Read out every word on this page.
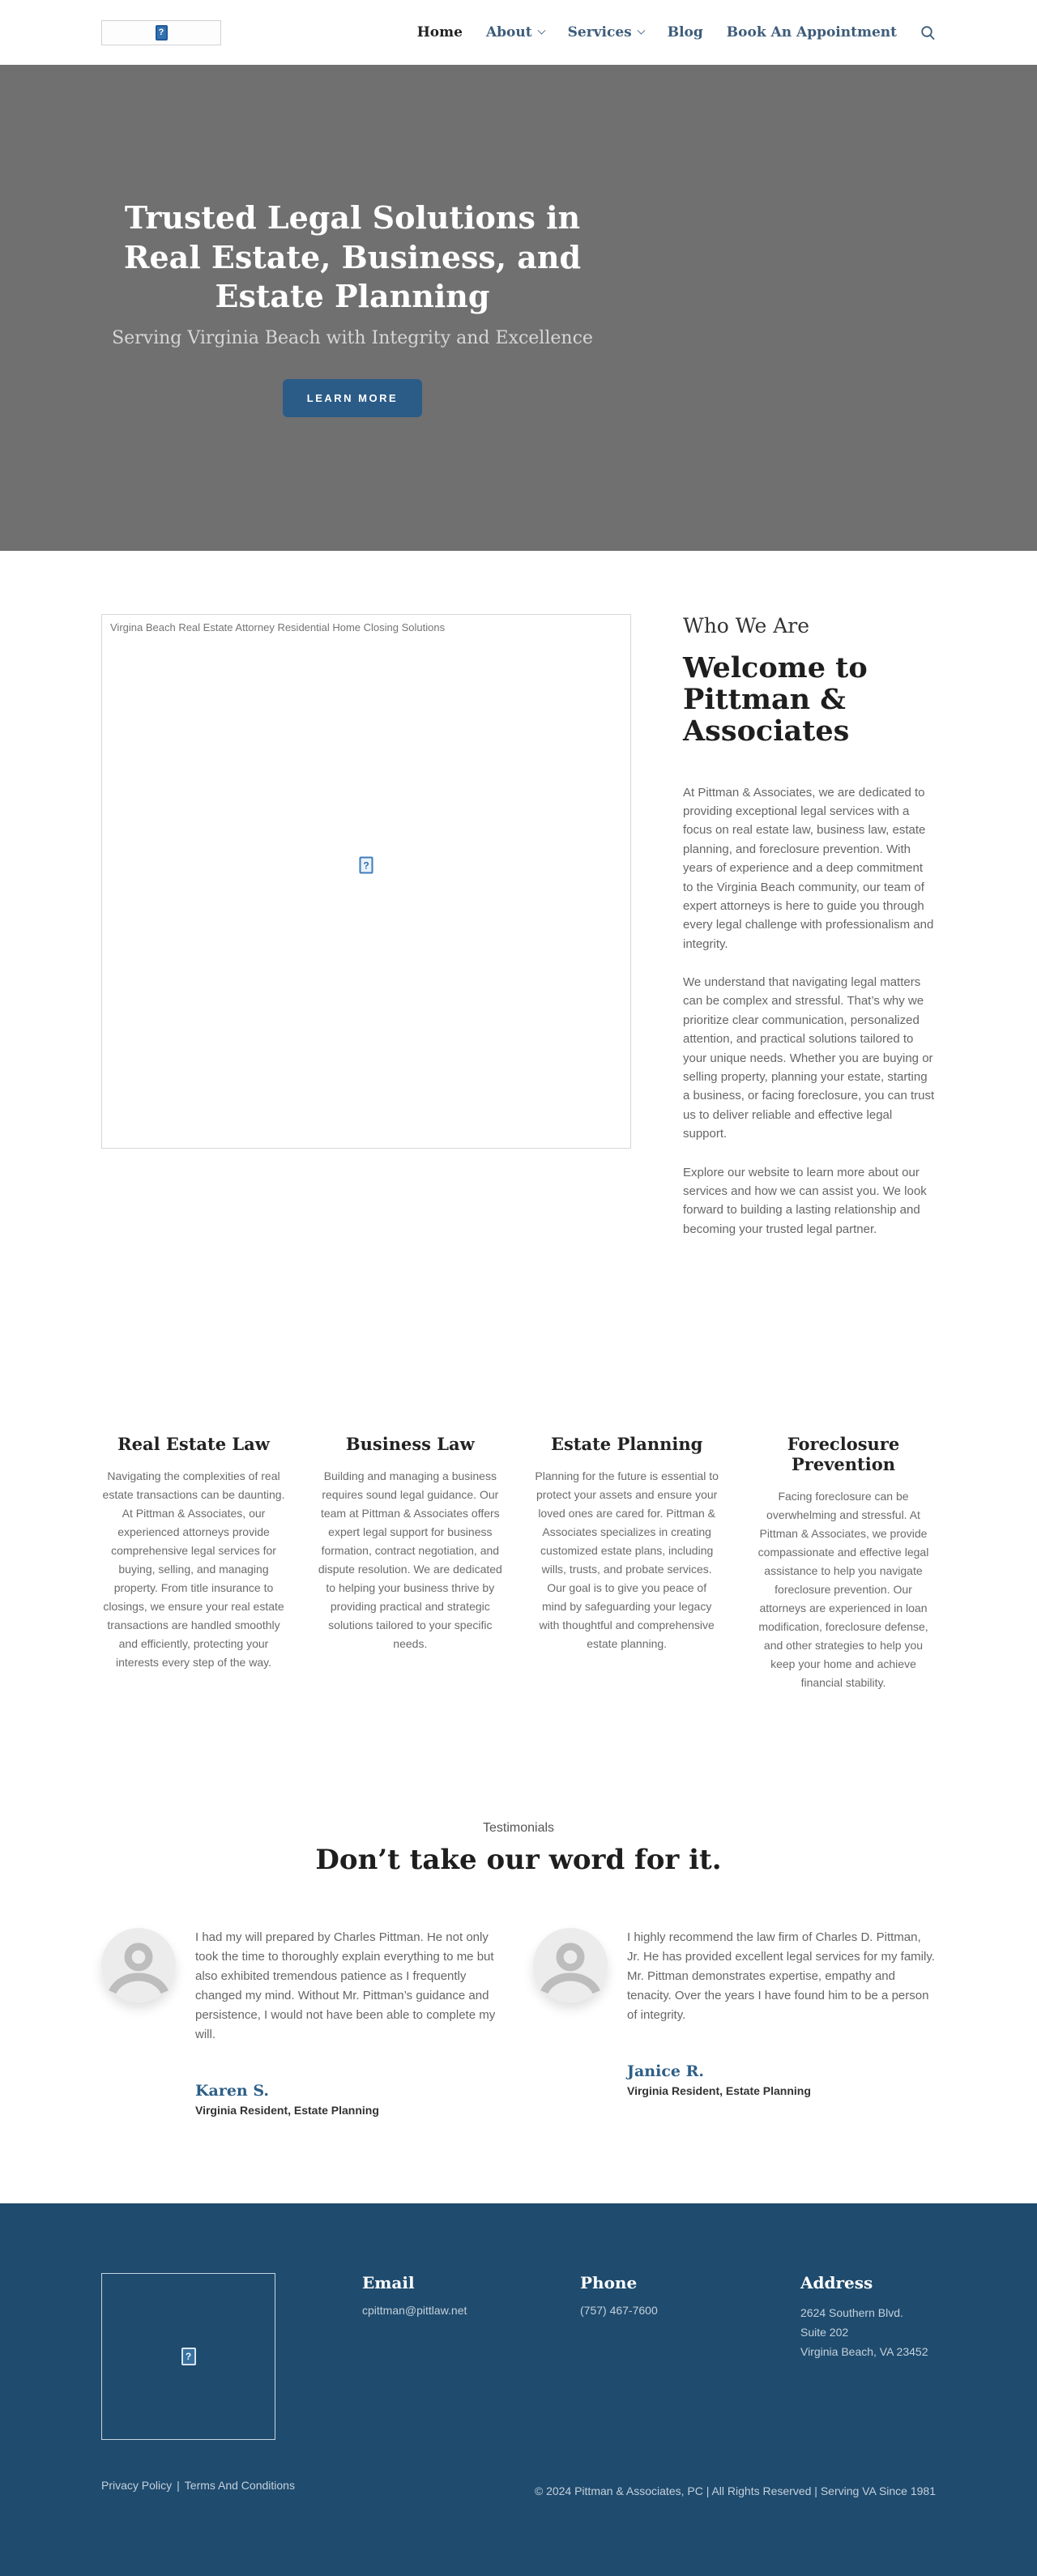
?	Home About	Services	Blog Book An Appointment
Trusted Legal Solutions in Real Estate, Business, and Estate Planning

Serving Virginia Beach with Integrity and Excellence

LEARN MORE
Virgina Beach Real Estate Attorney Residential Home Closing Solutions
?
Who We Are
Welcome to Pittman & Associates

At Pittman & Associates, we are dedicated to providing exceptional legal services with a focus on real estate law, business law, estate planning, and foreclosure prevention. With years of experience and a deep commitment to the Virginia Beach community, our team of expert attorneys is here to guide you through every legal challenge with professionalism and integrity.

We understand that navigating legal matters can be complex and stressful. That’s why we prioritize clear communication, personalized attention, and practical solutions tailored to your unique needs. Whether you are buying or selling property, planning your estate, starting a business, or facing foreclosure, you can trust us to deliver reliable and effective legal support.

Explore our website to learn more about our services and how we can assist you. We look forward to building a lasting relationship and becoming your trusted legal partner.

Real Estate Law

Navigating the complexities of real estate transactions can be daunting. At Pittman & Associates, our experienced attorneys provide comprehensive legal services for buying, selling, and managing property. From title insurance to closings, we ensure your real estate transactions are handled smoothly and efficiently, protecting your interests every step of the way.

Business Law

Building and managing a business requires sound legal guidance. Our team at Pittman & Associates offers expert legal support for business formation, contract negotiation, and dispute resolution. We are dedicated to helping your business thrive by providing practical and strategic solutions tailored to your specific needs.

Estate Planning

Planning for the future is essential to protect your assets and ensure your loved ones are cared for. Pittman & Associates specializes in creating customized estate plans, including wills, trusts, and probate services. Our goal is to give you peace of mind by safeguarding your legacy with thoughtful and comprehensive estate planning.

Foreclosure Prevention

Facing foreclosure can be overwhelming and stressful. At Pittman & Associates, we provide compassionate and effective legal assistance to help you navigate foreclosure prevention. Our attorneys are experienced in loan modification, foreclosure defense, and other strategies to help you keep your home and achieve financial stability.

Testimonials

Don’t take our word for it.

I had my will prepared by Charles Pittman. He not only took the time to thoroughly explain everything to me but also exhibited tremendous patience as I frequently changed my mind. Without Mr. Pittman’s guidance and persistence, I would not have been able to complete my will.

Karen S.

Virginia Resident, Estate Planning

I highly recommend the law firm of Charles D. Pittman, Jr. He has provided excellent legal services for my family. Mr. Pittman demonstrates expertise, empathy and tenacity. Over the years I have found him to be a person of integrity.

Janice R.

Virginia Resident, Estate Planning

?
Email

cpittman@pittlaw.net

Phone

(757) 467-7600

Address

2624 Southern Blvd.
Suite 202
Virginia Beach, VA 23452

Privacy Policy | Terms And Conditions	© 2024 Pittman & Associates, PC | All Rights Reserved | Serving VA Since 1981
